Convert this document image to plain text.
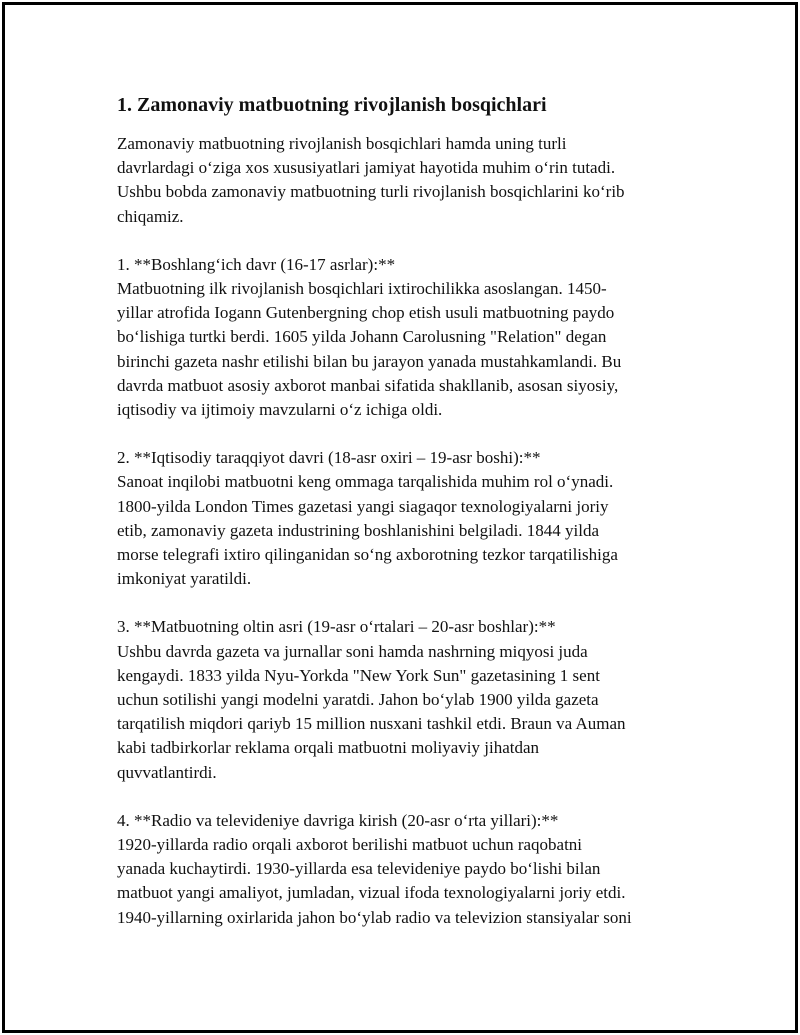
1. Zamonaviy matbuotning rivojlanish bosqichlari

Zamonaviy matbuotning rivojlanish bosqichlari hamda uning turli
davrlardagi o‘ziga xos xususiyatlari jamiyat hayotida muhim o‘rin tutadi.
Ushbu bobda zamonaviy matbuotning turli rivojlanish bosqichlarini ko‘rib
chiqamiz.

1. **Boshlang‘ich davr (16-17 asrlar):**

Matbuotning ilk rivojlanish bosqichlari ixtirochilikka asoslangan. 1450-
yillar atrofida Iogann Gutenbergning chop etish usuli matbuotning paydo
bo‘lishiga turtki berdi. 1605 yilda Johann Carolusning "Relation" degan
birinchi gazeta nashr etilishi bilan bu jarayon yanada mustahkamlandi. Bu
davrda matbuot asosiy axborot manbai sifatida shakllanib, asosan siyosiy,
iqtisodiy va ijtimoiy mavzularni o‘z ichiga oldi.

2. **Iqtisodiy taraqqiyot davri (18-asr oxiri – 19-asr boshi):**

Sanoat inqilobi matbuotni keng ommaga tarqalishida muhim rol o‘ynadi.
1800-yilda London Times gazetasi yangi siagaqor texnologiyalarni joriy
etib, zamonaviy gazeta industrining boshlanishini belgiladi. 1844 yilda
morse telegrafi ixtiro qilinganidan so‘ng axborotning tezkor tarqatilishiga
imkoniyat yaratildi.

3. **Matbuotning oltin asri (19-asr o‘rtalari – 20-asr boshlar):**

Ushbu davrda gazeta va jurnallar soni hamda nashrning miqyosi juda
kengaydi. 1833 yilda Nyu-Yorkda "New York Sun" gazetasining 1 sent
uchun sotilishi yangi modelni yaratdi. Jahon bo‘ylab 1900 yilda gazeta
tarqatilish miqdori qariyb 15 million nusxani tashkil etdi. Braun va Auman
kabi tadbirkorlar reklama orqali matbuotni moliyaviy jihatdan
quvvatlantirdi.

4. **Radio va televideniye davriga kirish (20-asr o‘rta yillari):**

1920-yillarda radio orqali axborot berilishi matbuot uchun raqobatni
yanada kuchaytirdi. 1930-yillarda esa televideniye paydo bo‘lishi bilan
matbuot yangi amaliyot, jumladan, vizual ifoda texnologiyalarni joriy etdi.
1940-yillarning oxirlarida jahon bo‘ylab radio va televizion stansiyalar soni
